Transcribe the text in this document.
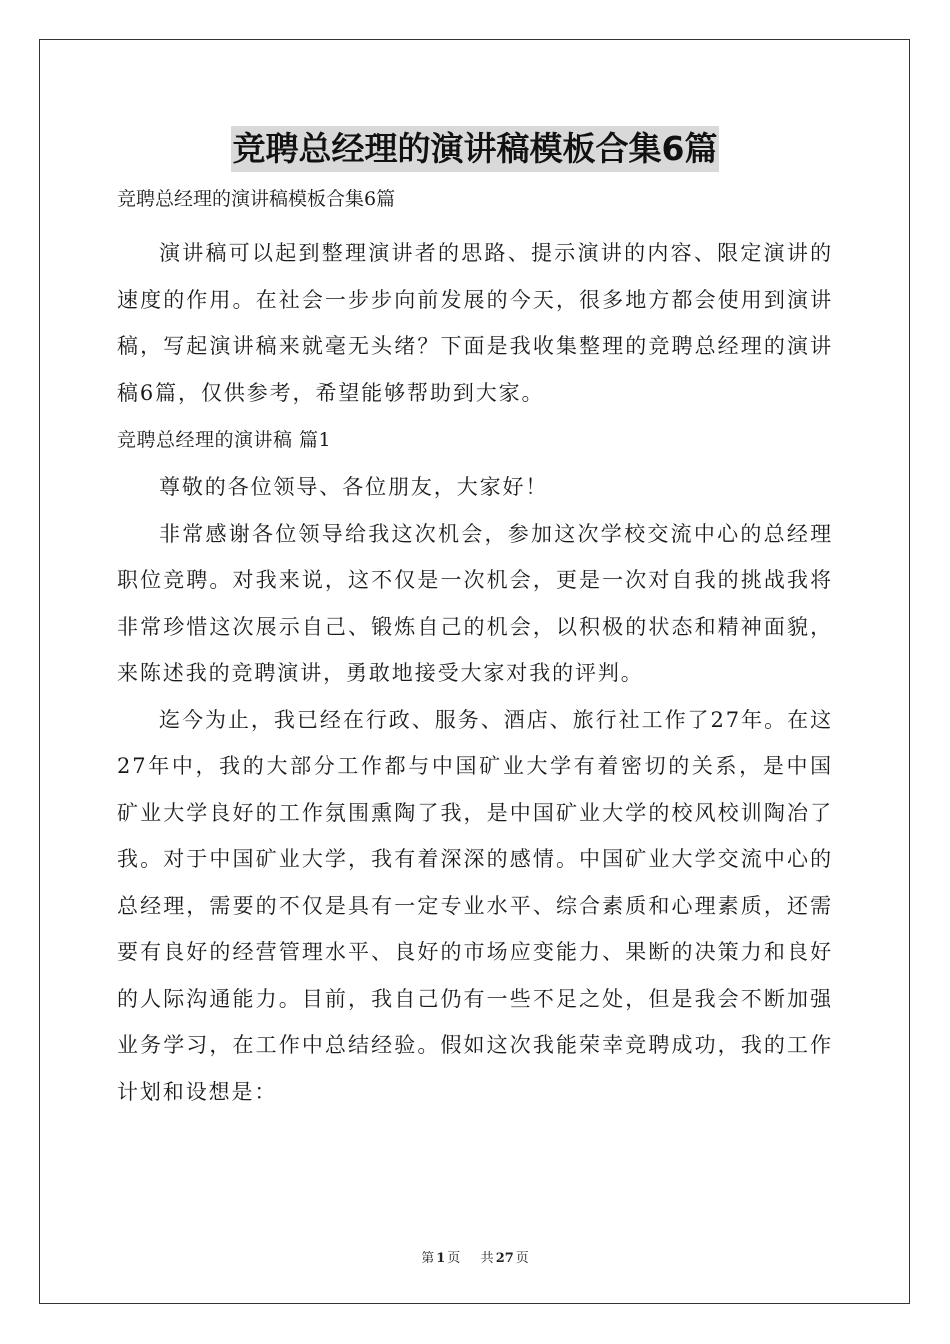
竞聘总经理的演讲稿模板合集6篇
竞聘总经理的演讲稿模板合集6篇

演讲稿可以起到整理演讲者的思路、提示演讲的内容、限定演讲的速度的作用。在社会一步步向前发展的今天，很多地方都会使用到演讲稿，写起演讲稿来就毫无头绪？下面是我收集整理的竞聘总经理的演讲稿6篇，仅供参考，希望能够帮助到大家。

竞聘总经理的演讲稿 篇1

尊敬的各位领导、各位朋友，大家好！

非常感谢各位领导给我这次机会，参加这次学校交流中心的总经理职位竞聘。对我来说，这不仅是一次机会，更是一次对自我的挑战我将非常珍惜这次展示自己、锻炼自己的机会，以积极的状态和精神面貌，来陈述我的竞聘演讲，勇敢地接受大家对我的评判。

迄今为止，我已经在行政、服务、酒店、旅行社工作了27年。在这27年中，我的大部分工作都与中国矿业大学有着密切的关系，是中国矿业大学良好的工作氛围熏陶了我，是中国矿业大学的校风校训陶冶了我。对于中国矿业大学，我有着深深的感情。中国矿业大学交流中心的总经理，需要的不仅是具有一定专业水平、综合素质和心理素质，还需要有良好的经营管理水平、良好的市场应变能力、果断的决策力和良好的人际沟通能力。目前，我自己仍有一些不足之处，但是我会不断加强业务学习，在工作中总结经验。假如这次我能荣幸竞聘成功，我的工作计划和设想是：

第 1 页 共 27 页
